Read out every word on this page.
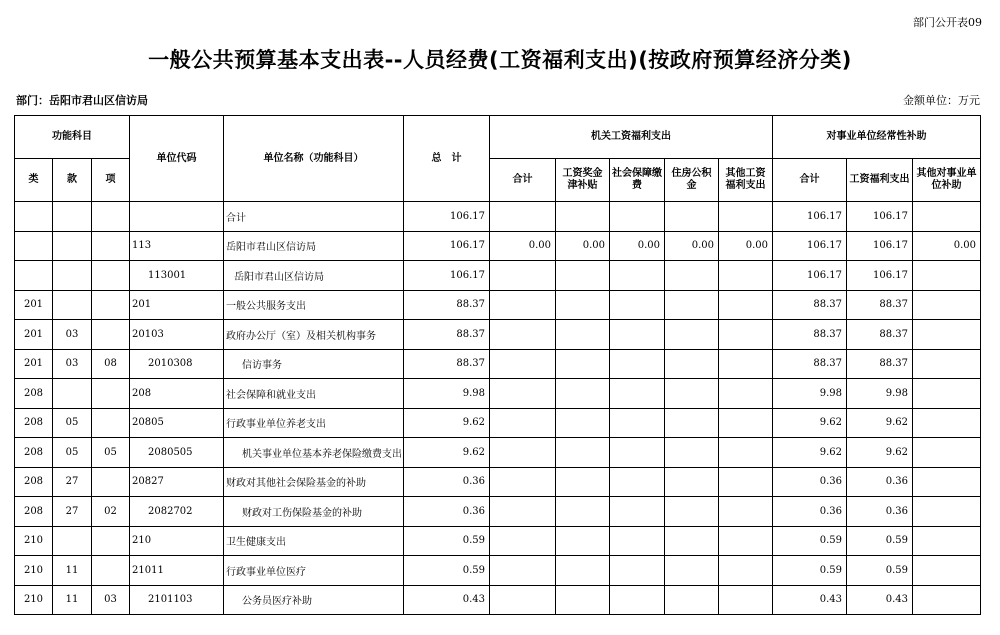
部门公开表09
一般公共预算基本支出表--人员经费(工资福利支出)(按政府预算经济分类)
部门：岳阳市君山区信访局	金额单位：万元
功能科目			单位代码	单位名称（功能科目）	总　计	机关工资福利支出					对事业单位经常性补助		
类	款	项				合计	工资奖金津补贴	社会保障缴费	住房公积金	其他工资福利支出	合计	工资福利支出	其他对事业单位补助
				合计	106.17						106.17	106.17	
			113	岳阳市君山区信访局	106.17	0.00	0.00	0.00	0.00	0.00	106.17	106.17	0.00
			113001	岳阳市君山区信访局	106.17						106.17	106.17	
201			201	一般公共服务支出	88.37						88.37	88.37	
201	03		20103	政府办公厅（室）及相关机构事务	88.37						88.37	88.37	
201	03	08	2010308	信访事务	88.37						88.37	88.37	
208			208	社会保障和就业支出	9.98						9.98	9.98	
208	05		20805	行政事业单位养老支出	9.62						9.62	9.62	
208	05	05	2080505	机关事业单位基本养老保险缴费支出	9.62						9.62	9.62	
208	27		20827	财政对其他社会保险基金的补助	0.36						0.36	0.36	
208	27	02	2082702	财政对工伤保险基金的补助	0.36						0.36	0.36	
210			210	卫生健康支出	0.59						0.59	0.59	
210	11		21011	行政事业单位医疗	0.59						0.59	0.59	
210	11	03	2101103	公务员医疗补助	0.43						0.43	0.43	
